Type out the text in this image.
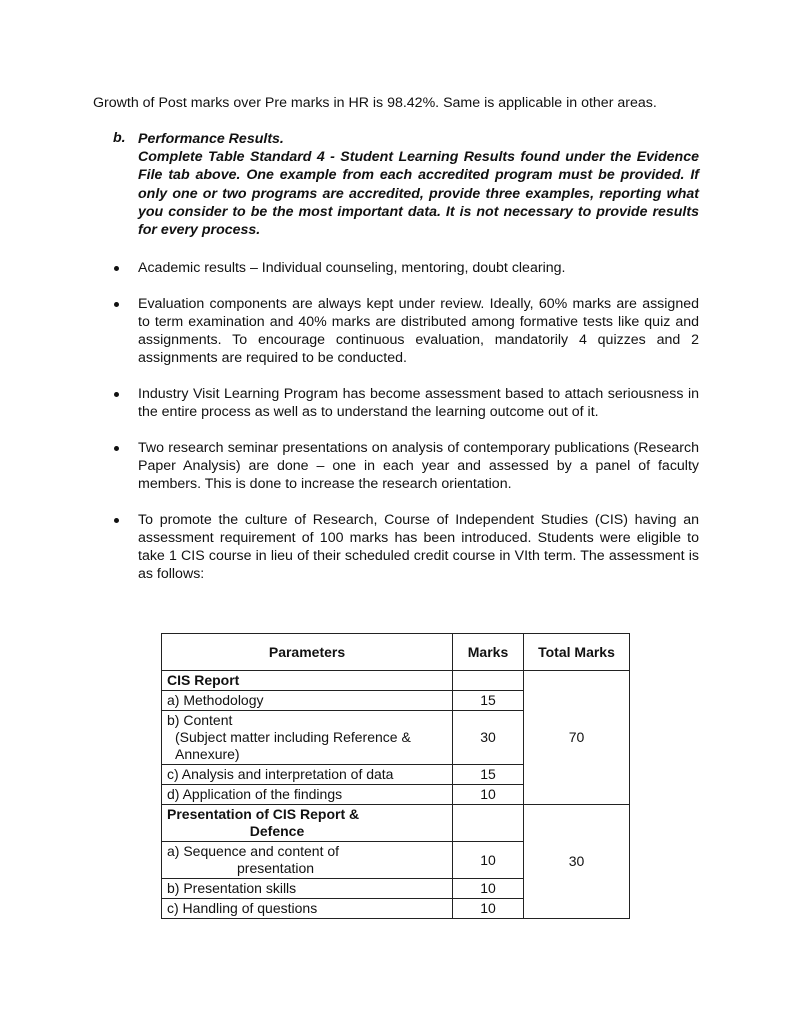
Growth of Post marks over Pre marks in HR is 98.42%. Same is applicable in other areas.

b. Performance Results.

Complete Table Standard 4 - Student Learning Results found under the Evidence File tab above. One example from each accredited program must be provided. If only one or two programs are accredited, provide three examples, reporting what you consider to be the most important data. It is not necessary to provide results for every process.

Academic results – Individual counseling, mentoring, doubt clearing.
Evaluation components are always kept under review. Ideally, 60% marks are assigned to term examination and 40% marks are distributed among formative tests like quiz and assignments. To encourage continuous evaluation, mandatorily 4 quizzes and 2 assignments are required to be conducted.
Industry Visit Learning Program has become assessment based to attach seriousness in the entire process as well as to understand the learning outcome out of it.
Two research seminar presentations on analysis of contemporary publications (Research Paper Analysis) are done – one in each year and assessed by a panel of faculty members. This is done to increase the research orientation.
To promote the culture of Research, Course of Independent Studies (CIS) having an assessment requirement of 100 marks has been introduced. Students were eligible to take 1 CIS course in lieu of their scheduled credit course in VIth term. The assessment is as follows:
Parameters	Marks	Total Marks
CIS Report		70
a) Methodology	15	
b) Content
(Subject matter including Reference & Annexure)	30	
c) Analysis and interpretation of data	15	
d) Application of the findings	10	
Presentation of CIS Report &
Defence		30
a) Sequence and content of
presentation	10	
b) Presentation skills	10	
c) Handling of questions	10	
